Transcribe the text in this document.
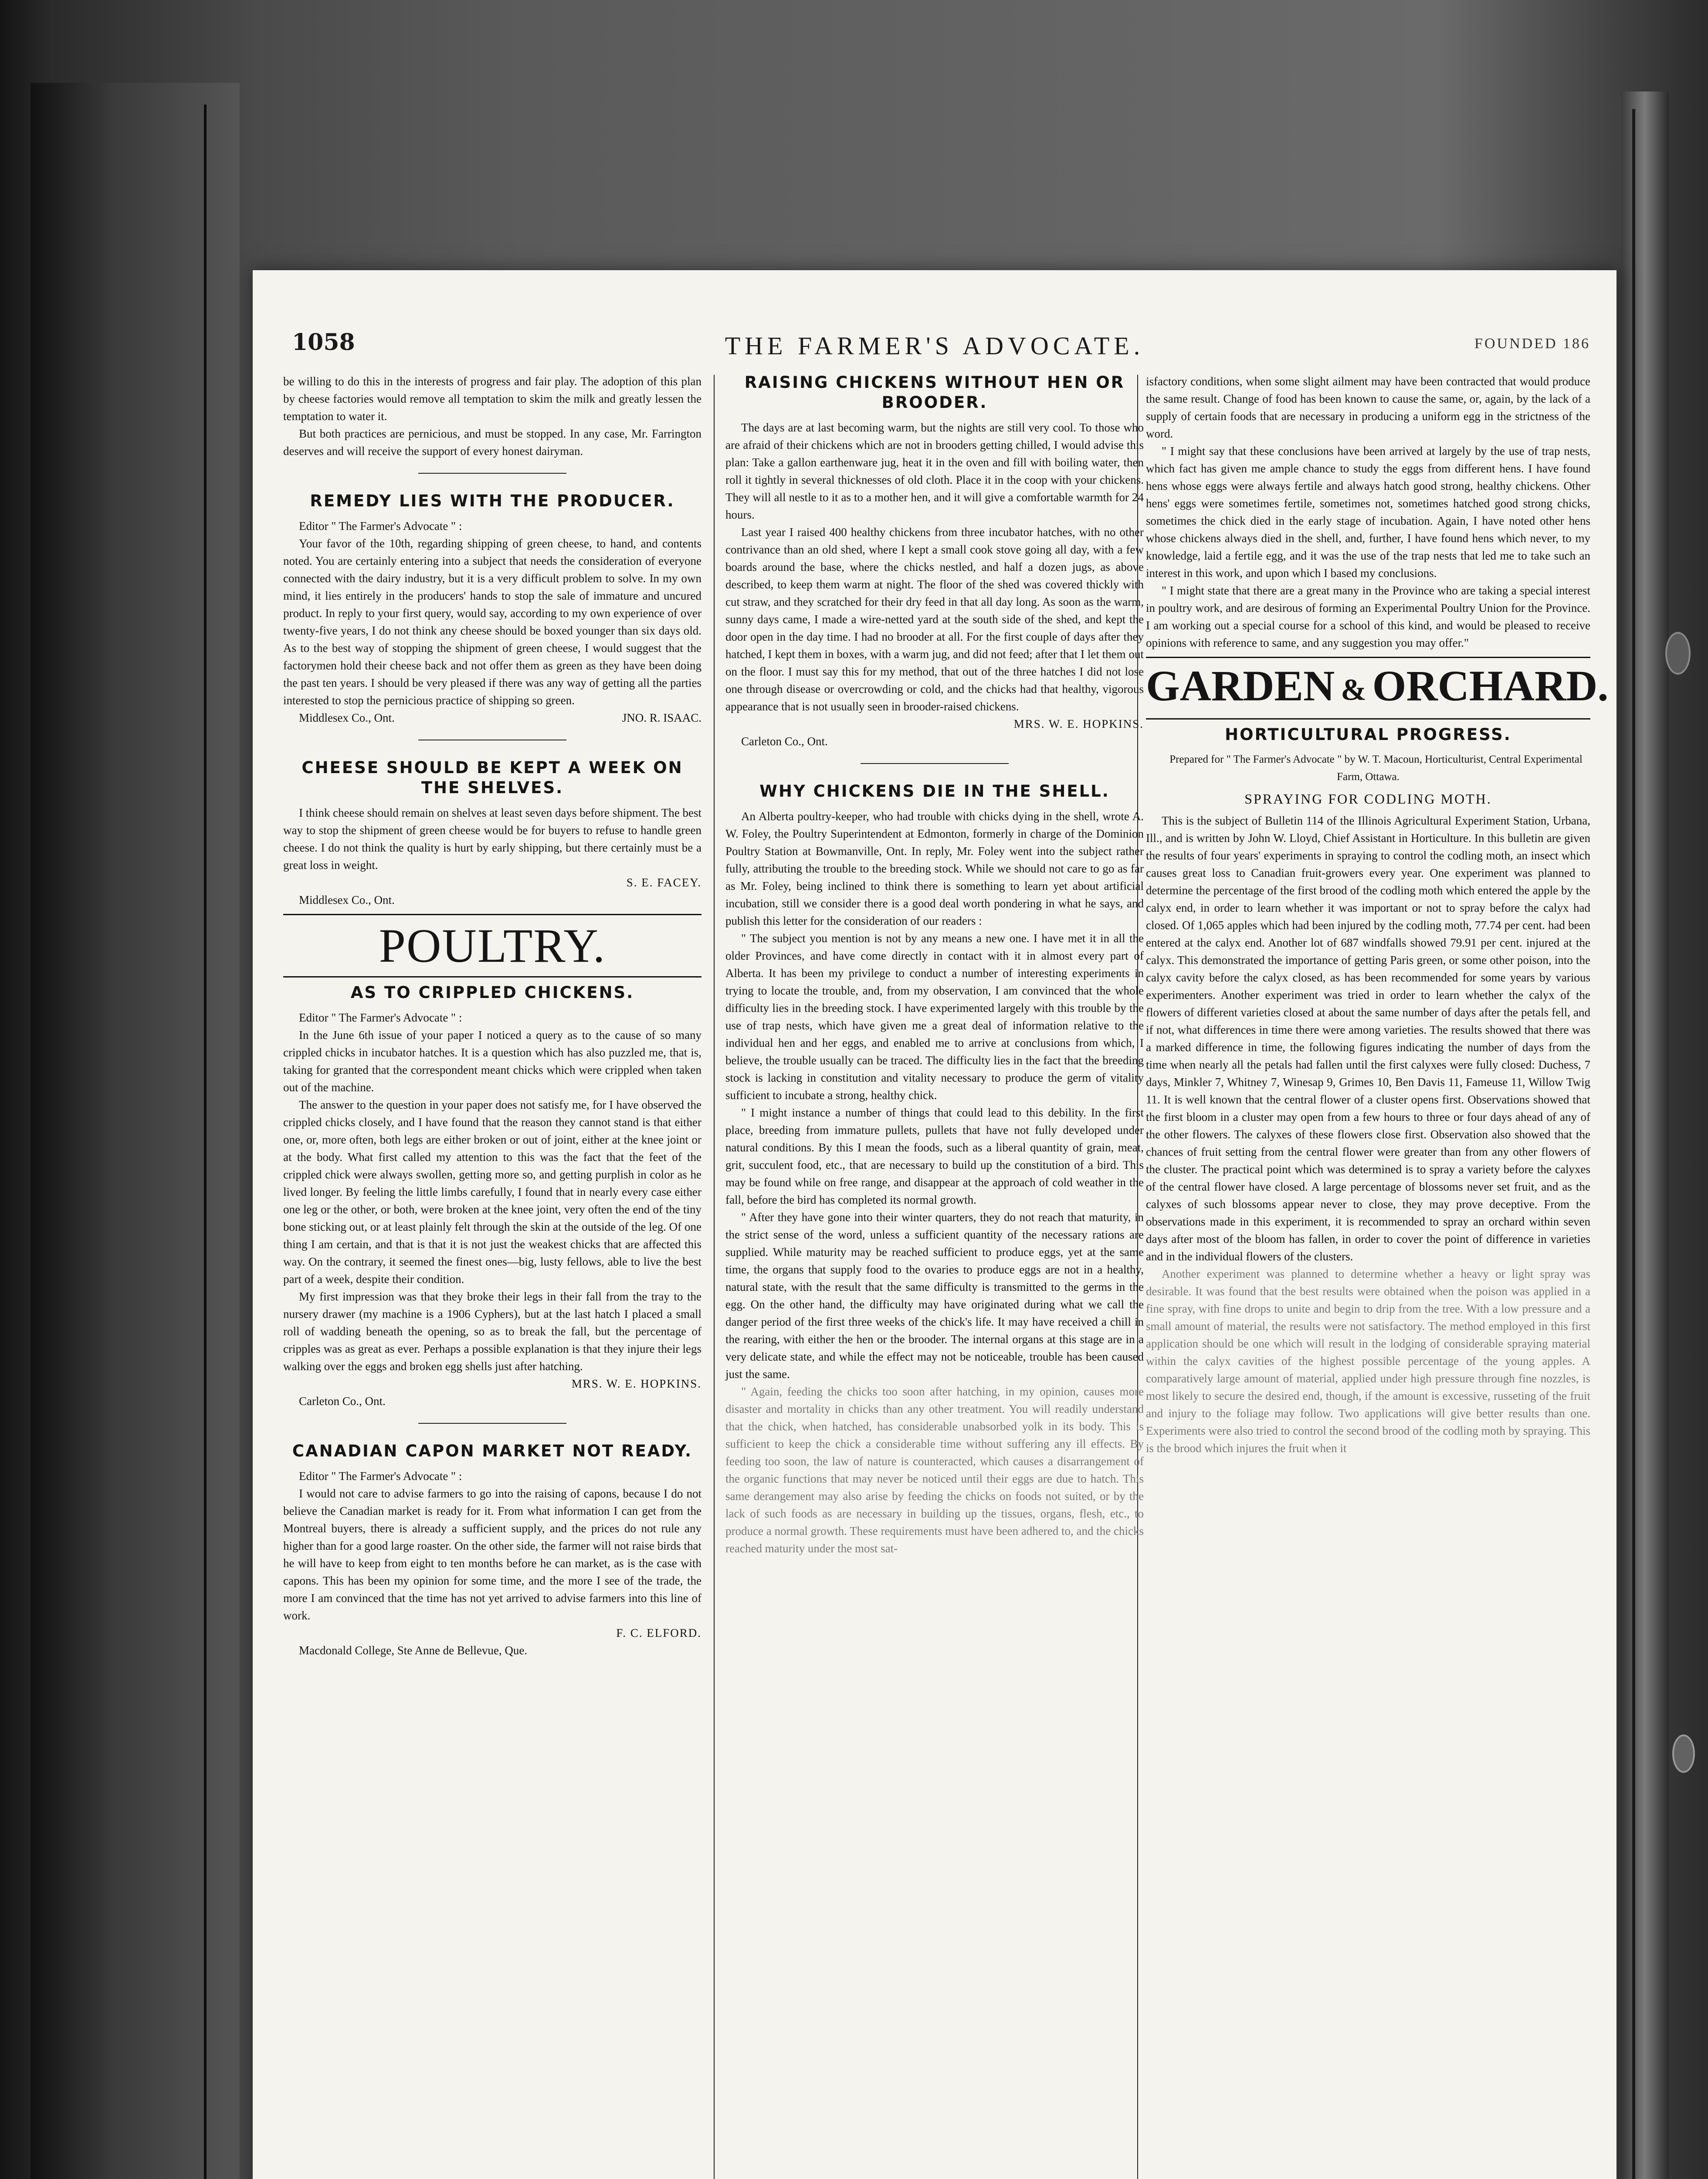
1058	THE FARMER'S ADVOCATE.	FOUNDED 186

be willing to do this in the interests of progress and fair play. The adoption of this plan by cheese factories would remove all temptation to skim the milk and greatly lessen the temptation to water it.

But both practices are pernicious, and must be stopped. In any case, Mr. Farrington deserves and will receive the support of every honest dairyman.

REMEDY LIES WITH THE PRODUCER.

Editor " The Farmer's Advocate " :

Your favor of the 10th, regarding shipping of green cheese, to hand, and contents noted. You are certainly entering into a subject that needs the consideration of everyone connected with the dairy industry, but it is a very difficult problem to solve. In my own mind, it lies entirely in the producers' hands to stop the sale of immature and uncured product. In reply to your first query, would say, according to my own experience of over twenty-five years, I do not think any cheese should be boxed younger than six days old. As to the best way of stopping the shipment of green cheese, I would suggest that the factorymen hold their cheese back and not offer them as green as they have been doing the past ten years. I should be very pleased if there was any way of getting all the parties interested to stop the pernicious practice of shipping so green.

Middlesex Co., Ont.	JNO. R. ISAAC.

CHEESE SHOULD BE KEPT A WEEK ON THE SHELVES.

I think cheese should remain on shelves at least seven days before shipment. The best way to stop the shipment of green cheese would be for buyers to refuse to handle green cheese. I do not think the quality is hurt by early shipping, but there certainly must be a great loss in weight.

S. E. FACEY.

Middlesex Co., Ont.

POULTRY.
AS TO CRIPPLED CHICKENS.

Editor " The Farmer's Advocate " :

In the June 6th issue of your paper I noticed a query as to the cause of so many crippled chicks in incubator hatches. It is a question which has also puzzled me, that is, taking for granted that the correspondent meant chicks which were crippled when taken out of the machine.

The answer to the question in your paper does not satisfy me, for I have observed the crippled chicks closely, and I have found that the reason they cannot stand is that either one, or, more often, both legs are either broken or out of joint, either at the knee joint or at the body. What first called my attention to this was the fact that the feet of the crippled chick were always swollen, getting more so, and getting purplish in color as he lived longer. By feeling the little limbs carefully, I found that in nearly every case either one leg or the other, or both, were broken at the knee joint, very often the end of the tiny bone sticking out, or at least plainly felt through the skin at the outside of the leg. Of one thing I am certain, and that is that it is not just the weakest chicks that are affected this way. On the contrary, it seemed the finest ones—big, lusty fellows, able to live the best part of a week, despite their condition.

My first impression was that they broke their legs in their fall from the tray to the nursery drawer (my machine is a 1906 Cyphers), but at the last hatch I placed a small roll of wadding beneath the opening, so as to break the fall, but the percentage of cripples was as great as ever. Perhaps a possible explanation is that they injure their legs walking over the eggs and broken egg shells just after hatching.

MRS. W. E. HOPKINS.

Carleton Co., Ont.

CANADIAN CAPON MARKET NOT READY.

Editor " The Farmer's Advocate " :

I would not care to advise farmers to go into the raising of capons, because I do not believe the Canadian market is ready for it. From what information I can get from the Montreal buyers, there is already a sufficient supply, and the prices do not rule any higher than for a good large roaster. On the other side, the farmer will not raise birds that he will have to keep from eight to ten months before he can market, as is the case with capons. This has been my opinion for some time, and the more I see of the trade, the more I am convinced that the time has not yet arrived to advise farmers into this line of work.

F. C. ELFORD.

Macdonald College, Ste Anne de Bellevue, Que.

RAISING CHICKENS WITHOUT HEN OR BROODER.

The days are at last becoming warm, but the nights are still very cool. To those who are afraid of their chickens which are not in brooders getting chilled, I would advise this plan: Take a gallon earthenware jug, heat it in the oven and fill with boiling water, then roll it tightly in several thicknesses of old cloth. Place it in the coop with your chickens. They will all nestle to it as to a mother hen, and it will give a comfortable warmth for 24 hours.

Last year I raised 400 healthy chickens from three incubator hatches, with no other contrivance than an old shed, where I kept a small cook stove going all day, with a few boards around the base, where the chicks nestled, and half a dozen jugs, as above described, to keep them warm at night. The floor of the shed was covered thickly with cut straw, and they scratched for their dry feed in that all day long. As soon as the warm, sunny days came, I made a wire-netted yard at the south side of the shed, and kept the door open in the day time. I had no brooder at all. For the first couple of days after they hatched, I kept them in boxes, with a warm jug, and did not feed; after that I let them out on the floor. I must say this for my method, that out of the three hatches I did not lose one through disease or overcrowding or cold, and the chicks had that healthy, vigorous appearance that is not usually seen in brooder-raised chickens.

MRS. W. E. HOPKINS.

Carleton Co., Ont.

WHY CHICKENS DIE IN THE SHELL.

An Alberta poultry-keeper, who had trouble with chicks dying in the shell, wrote A. W. Foley, the Poultry Superintendent at Edmonton, formerly in charge of the Dominion Poultry Station at Bowmanville, Ont. In reply, Mr. Foley went into the subject rather fully, attributing the trouble to the breeding stock. While we should not care to go as far as Mr. Foley, being inclined to think there is something to learn yet about artificial incubation, still we consider there is a good deal worth pondering in what he says, and publish this letter for the consideration of our readers :

" The subject you mention is not by any means a new one. I have met it in all the older Provinces, and have come directly in contact with it in almost every part of Alberta. It has been my privilege to conduct a number of interesting experiments in trying to locate the trouble, and, from my observation, I am convinced that the whole difficulty lies in the breeding stock. I have experimented largely with this trouble by the use of trap nests, which have given me a great deal of information relative to the individual hen and her eggs, and enabled me to arrive at conclusions from which, I believe, the trouble usually can be traced. The difficulty lies in the fact that the breeding stock is lacking in constitution and vitality necessary to produce the germ of vitality sufficient to incubate a strong, healthy chick.

" I might instance a number of things that could lead to this debility. In the first place, breeding from immature pullets, pullets that have not fully developed under natural conditions. By this I mean the foods, such as a liberal quantity of grain, meat, grit, succulent food, etc., that are necessary to build up the constitution of a bird. This may be found while on free range, and disappear at the approach of cold weather in the fall, before the bird has completed its normal growth.

" After they have gone into their winter quarters, they do not reach that maturity, in the strict sense of the word, unless a sufficient quantity of the necessary rations are supplied. While maturity may be reached sufficient to produce eggs, yet at the same time, the organs that supply food to the ovaries to produce eggs are not in a healthy, natural state, with the result that the same difficulty is transmitted to the germs in the egg. On the other hand, the difficulty may have originated during what we call the danger period of the first three weeks of the chick's life. It may have received a chill in the rearing, with either the hen or the brooder. The internal organs at this stage are in a very delicate state, and while the effect may not be noticeable, trouble has been caused just the same.

" Again, feeding the chicks too soon after hatching, in my opinion, causes more disaster and mortality in chicks than any other treatment. You will readily understand that the chick, when hatched, has considerable unabsorbed yolk in its body. This is sufficient to keep the chick a considerable time without suffering any ill effects. By feeding too soon, the law of nature is counteracted, which causes a disarrangement of the organic functions that may never be noticed until their eggs are due to hatch. This same derangement may also arise by feeding the chicks on foods not suited, or by the lack of such foods as are necessary in building up the tissues, organs, flesh, etc., to produce a normal growth. These requirements must have been adhered to, and the chicks reached maturity under the most sat-

isfactory conditions, when some slight ailment may have been contracted that would produce the same result. Change of food has been known to cause the same, or, again, by the lack of a supply of certain foods that are necessary in producing a uniform egg in the strictness of the word.

" I might say that these conclusions have been arrived at largely by the use of trap nests, which fact has given me ample chance to study the eggs from different hens. I have found hens whose eggs were always fertile and always hatch good strong, healthy chickens. Other hens' eggs were sometimes fertile, sometimes not, sometimes hatched good strong chicks, sometimes the chick died in the early stage of incubation. Again, I have noted other hens whose chickens always died in the shell, and, further, I have found hens which never, to my knowledge, laid a fertile egg, and it was the use of the trap nests that led me to take such an interest in this work, and upon which I based my conclusions.

" I might state that there are a great many in the Province who are taking a special interest in poultry work, and are desirous of forming an Experimental Poultry Union for the Province. I am working out a special course for a school of this kind, and would be pleased to receive opinions with reference to same, and any suggestion you may offer."

GARDEN & ORCHARD.
HORTICULTURAL PROGRESS.

Prepared for " The Farmer's Advocate " by W. T. Macoun, Horticulturist, Central Experimental Farm, Ottawa.

SPRAYING FOR CODLING MOTH.

This is the subject of Bulletin 114 of the Illinois Agricultural Experiment Station, Urbana, Ill., and is written by John W. Lloyd, Chief Assistant in Horticulture. In this bulletin are given the results of four years' experiments in spraying to control the codling moth, an insect which causes great loss to Canadian fruit-growers every year. One experiment was planned to determine the percentage of the first brood of the codling moth which entered the apple by the calyx end, in order to learn whether it was important or not to spray before the calyx had closed. Of 1,065 apples which had been injured by the codling moth, 77.74 per cent. had been entered at the calyx end. Another lot of 687 windfalls showed 79.91 per cent. injured at the calyx. This demonstrated the importance of getting Paris green, or some other poison, into the calyx cavity before the calyx closed, as has been recommended for some years by various experimenters. Another experiment was tried in order to learn whether the calyx of the flowers of different varieties closed at about the same number of days after the petals fell, and if not, what differences in time there were among varieties. The results showed that there was a marked difference in time, the following figures indicating the number of days from the time when nearly all the petals had fallen until the first calyxes were fully closed: Duchess, 7 days, Minkler 7, Whitney 7, Winesap 9, Grimes 10, Ben Davis 11, Fameuse 11, Willow Twig 11. It is well known that the central flower of a cluster opens first. Observations showed that the first bloom in a cluster may open from a few hours to three or four days ahead of any of the other flowers. The calyxes of these flowers close first. Observation also showed that the chances of fruit setting from the central flower were greater than from any other flowers of the cluster. The practical point which was determined is to spray a variety before the calyxes of the central flower have closed. A large percentage of blossoms never set fruit, and as the calyxes of such blossoms appear never to close, they may prove deceptive. From the observations made in this experiment, it is recommended to spray an orchard within seven days after most of the bloom has fallen, in order to cover the point of difference in varieties and in the individual flowers of the clusters.

Another experiment was planned to determine whether a heavy or light spray was desirable. It was found that the best results were obtained when the poison was applied in a fine spray, with fine drops to unite and begin to drip from the tree. With a low pressure and a small amount of material, the results were not satisfactory. The method employed in this first application should be one which will result in the lodging of considerable spraying material within the calyx cavities of the highest possible percentage of the young apples. A comparatively large amount of material, applied under high pressure through fine nozzles, is most likely to secure the desired end, though, if the amount is excessive, russeting of the fruit and injury to the foliage may follow. Two applications will give better results than one. Experiments were also tried to control the second brood of the codling moth by spraying. This is the brood which injures the fruit when it
